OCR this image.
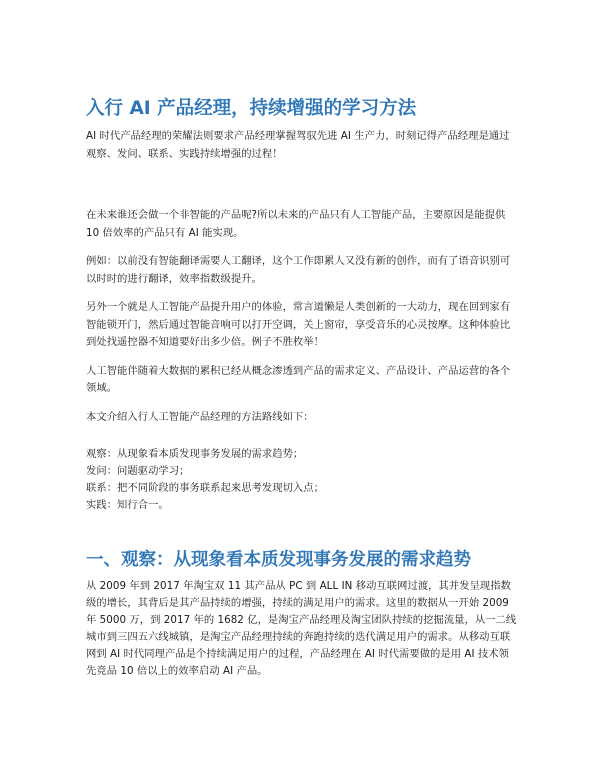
入行 AI 产品经理，持续增强的学习方法

AI 时代产品经理的荣耀法则要求产品经理掌握驾驭先进 AI 生产力，时刻记得产品经理是通过观察、发问、联系、实践持续增强的过程！

在未来谁还会做一个非智能的产品呢?所以未来的产品只有人工智能产品，主要原因是能提供 10 倍效率的产品只有 AI 能实现。

例如：以前没有智能翻译需要人工翻译，这个工作即累人又没有新的创作，而有了语音识别可以时时的进行翻译，效率指数级提升。

另外一个就是人工智能产品提升用户的体验，常言道懒是人类创新的一大动力，现在回到家有智能锁开门，然后通过智能音响可以打开空调，关上窗帘，享受音乐的心灵按摩。这种体验比到处找遥控器不知道要好出多少倍。例子不胜枚举！

人工智能伴随着大数据的累积已经从概念渗透到产品的需求定义、产品设计、产品运营的各个领域。

本文介绍入行人工智能产品经理的方法路线如下：

观察：从现象看本质发现事务发展的需求趋势；

发问：问题驱动学习；

联系：把不同阶段的事务联系起来思考发现切入点；

实践：知行合一。

一、观察：从现象看本质发现事务发展的需求趋势

从 2009 年到 2017 年淘宝双 11 其产品从 PC 到 ALL IN 移动互联网过渡，其并发呈现指数级的增长，其背后是其产品持续的增强，持续的满足用户的需求。这里的数据从一开始 2009 年 5000 万，到 2017 年的 1682 亿，是淘宝产品经理及淘宝团队持续的挖掘流量，从一二线城市到三四五六线城镇，是淘宝产品经理持续的奔跑持续的迭代满足用户的需求。从移动互联网到 AI 时代同理产品是个持续满足用户的过程，产品经理在 AI 时代需要做的是用 AI 技术领先竞品 10 倍以上的效率启动 AI 产品。
